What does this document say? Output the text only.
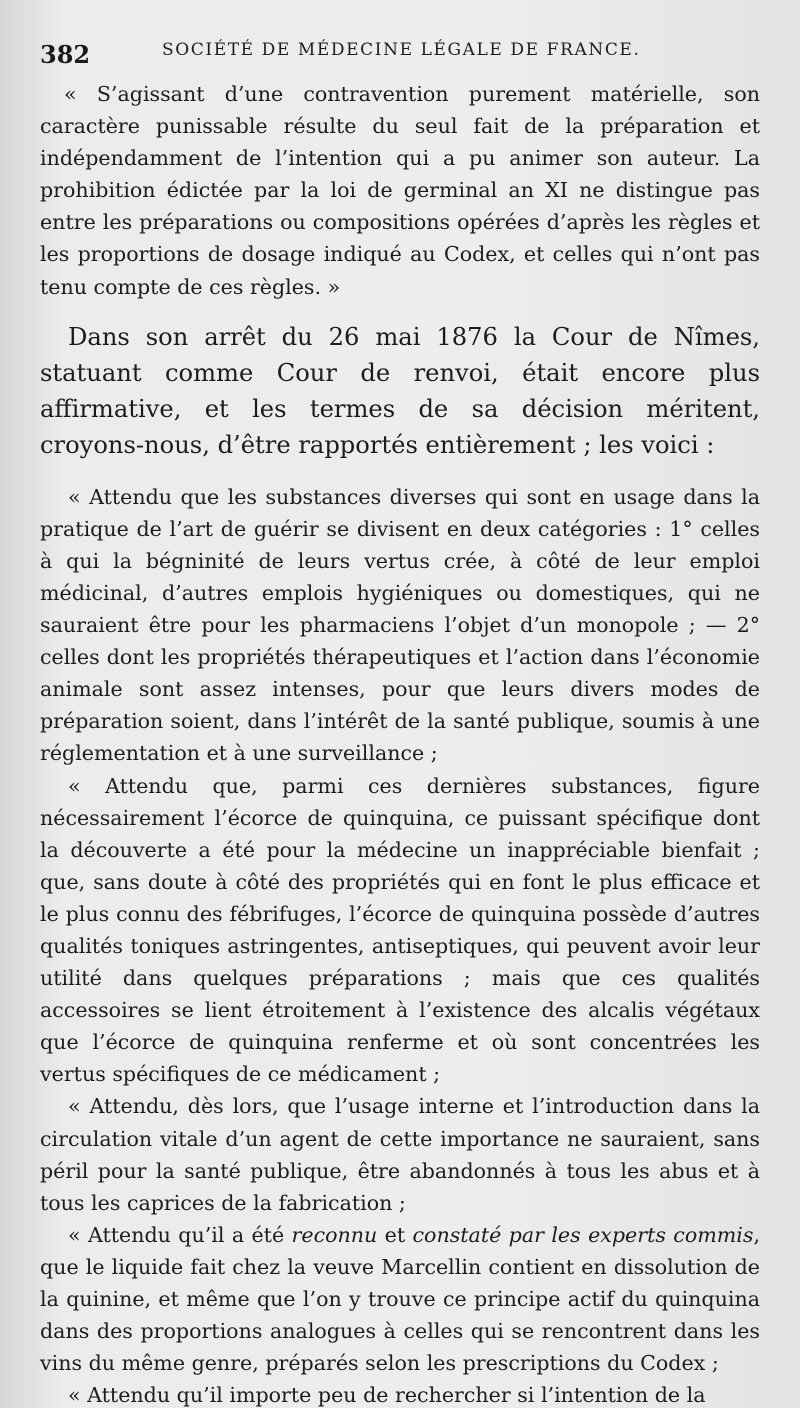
382	SOCIÉTÉ DE MÉDECINE LÉGALE DE FRANCE.

« S’agissant d’une contravention purement matérielle, son caractère punissable résulte du seul fait de la préparation et indépendamment de l’intention qui a pu animer son auteur. La prohibition édictée par la loi de germinal an XI ne distingue pas entre les préparations ou compositions opérées d’après les règles et les proportions de dosage indiqué au Codex, et celles qui n’ont pas tenu compte de ces règles. »

Dans son arrêt du 26 mai 1876 la Cour de Nîmes, statuant comme Cour de renvoi, était encore plus affirmative, et les termes de sa décision méritent, croyons-nous, d’être rapportés entièrement ; les voici :

« Attendu que les substances diverses qui sont en usage dans la pratique de l’art de guérir se divisent en deux catégories : 1° celles à qui la bégninité de leurs vertus crée, à côté de leur emploi médicinal, d’autres emplois hygiéniques ou domestiques, qui ne sauraient être pour les pharmaciens l’objet d’un monopole ; — 2° celles dont les propriétés thérapeutiques et l’action dans l’économie animale sont assez intenses, pour que leurs divers modes de préparation soient, dans l’intérêt de la santé publique, soumis à une réglementation et à une surveillance ;

« Attendu que, parmi ces dernières substances, figure nécessairement l’écorce de quinquina, ce puissant spécifique dont la découverte a été pour la médecine un inappréciable bienfait ; que, sans doute à côté des propriétés qui en font le plus efficace et le plus connu des fébrifuges, l’écorce de quinquina possède d’autres qualités toniques astringentes, antiseptiques, qui peuvent avoir leur utilité dans quelques préparations ; mais que ces qualités accessoires se lient étroitement à l’existence des alcalis végétaux que l’écorce de quinquina renferme et où sont concentrées les vertus spécifiques de ce médicament ;

« Attendu, dès lors, que l’usage interne et l’introduction dans la circulation vitale d’un agent de cette importance ne sauraient, sans péril pour la santé publique, être abandonnés à tous les abus et à tous les caprices de la fabrication ;

« Attendu qu’il a été reconnu et constaté par les experts commis, que le liquide fait chez la veuve Marcellin contient en dissolution de la quinine, et même que l’on y trouve ce principe actif du quinquina dans des proportions analogues à celles qui se rencontrent dans les vins du même genre, préparés selon les prescriptions du Codex ;

« Attendu qu’il importe peu de rechercher si l’intention de la
